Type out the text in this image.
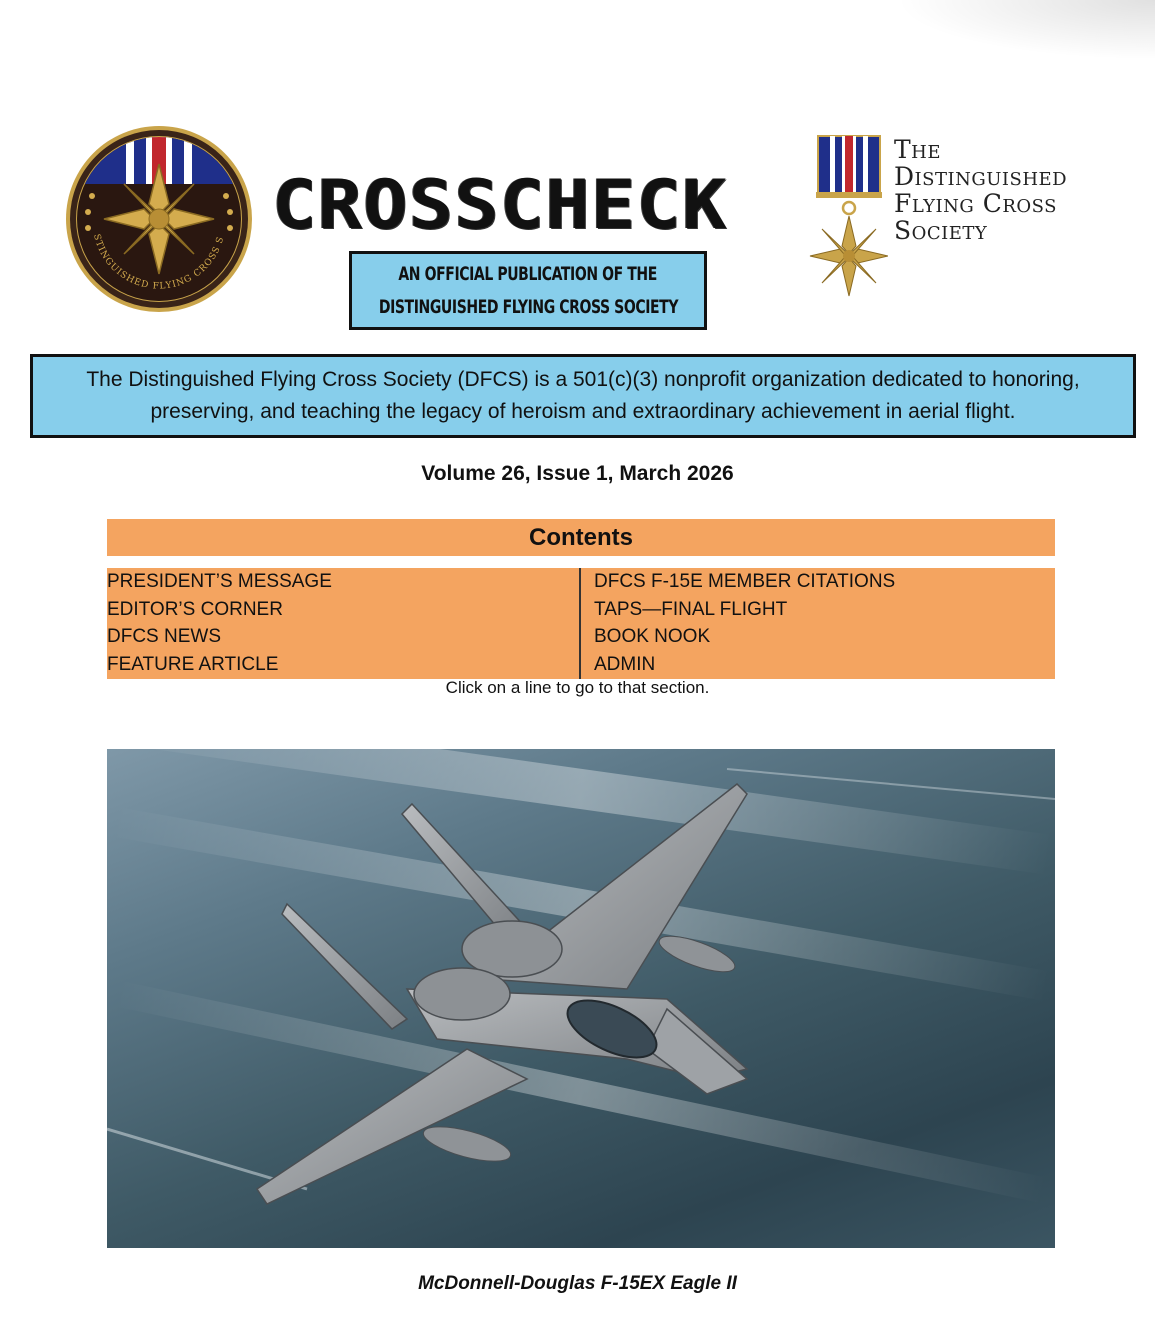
STINGUISHED FLYING CROSS S CROSSCHECK
AN OFFICIAL PUBLICATION OF THE
DISTINGUISHED FLYING CROSS SOCIETY
The
Distinguished
Flying Cross
Society
The Distinguished Flying Cross Society (DFCS) is a 501(c)(3) nonprofit organization dedicated to honoring, preserving, and teaching the legacy of heroism and extraordinary achievement in aerial flight.
Volume 26, Issue 1, March 2026
Contents
PRESIDENT’S MESSAGE
EDITOR’S CORNER
DFCS NEWS
FEATURE ARTICLE
DFCS F-15E MEMBER CITATIONS
TAPS—FINAL FLIGHT
BOOK NOOK
ADMIN
Click on a line to go to that section.
McDonnell-Douglas F-15EX Eagle II
